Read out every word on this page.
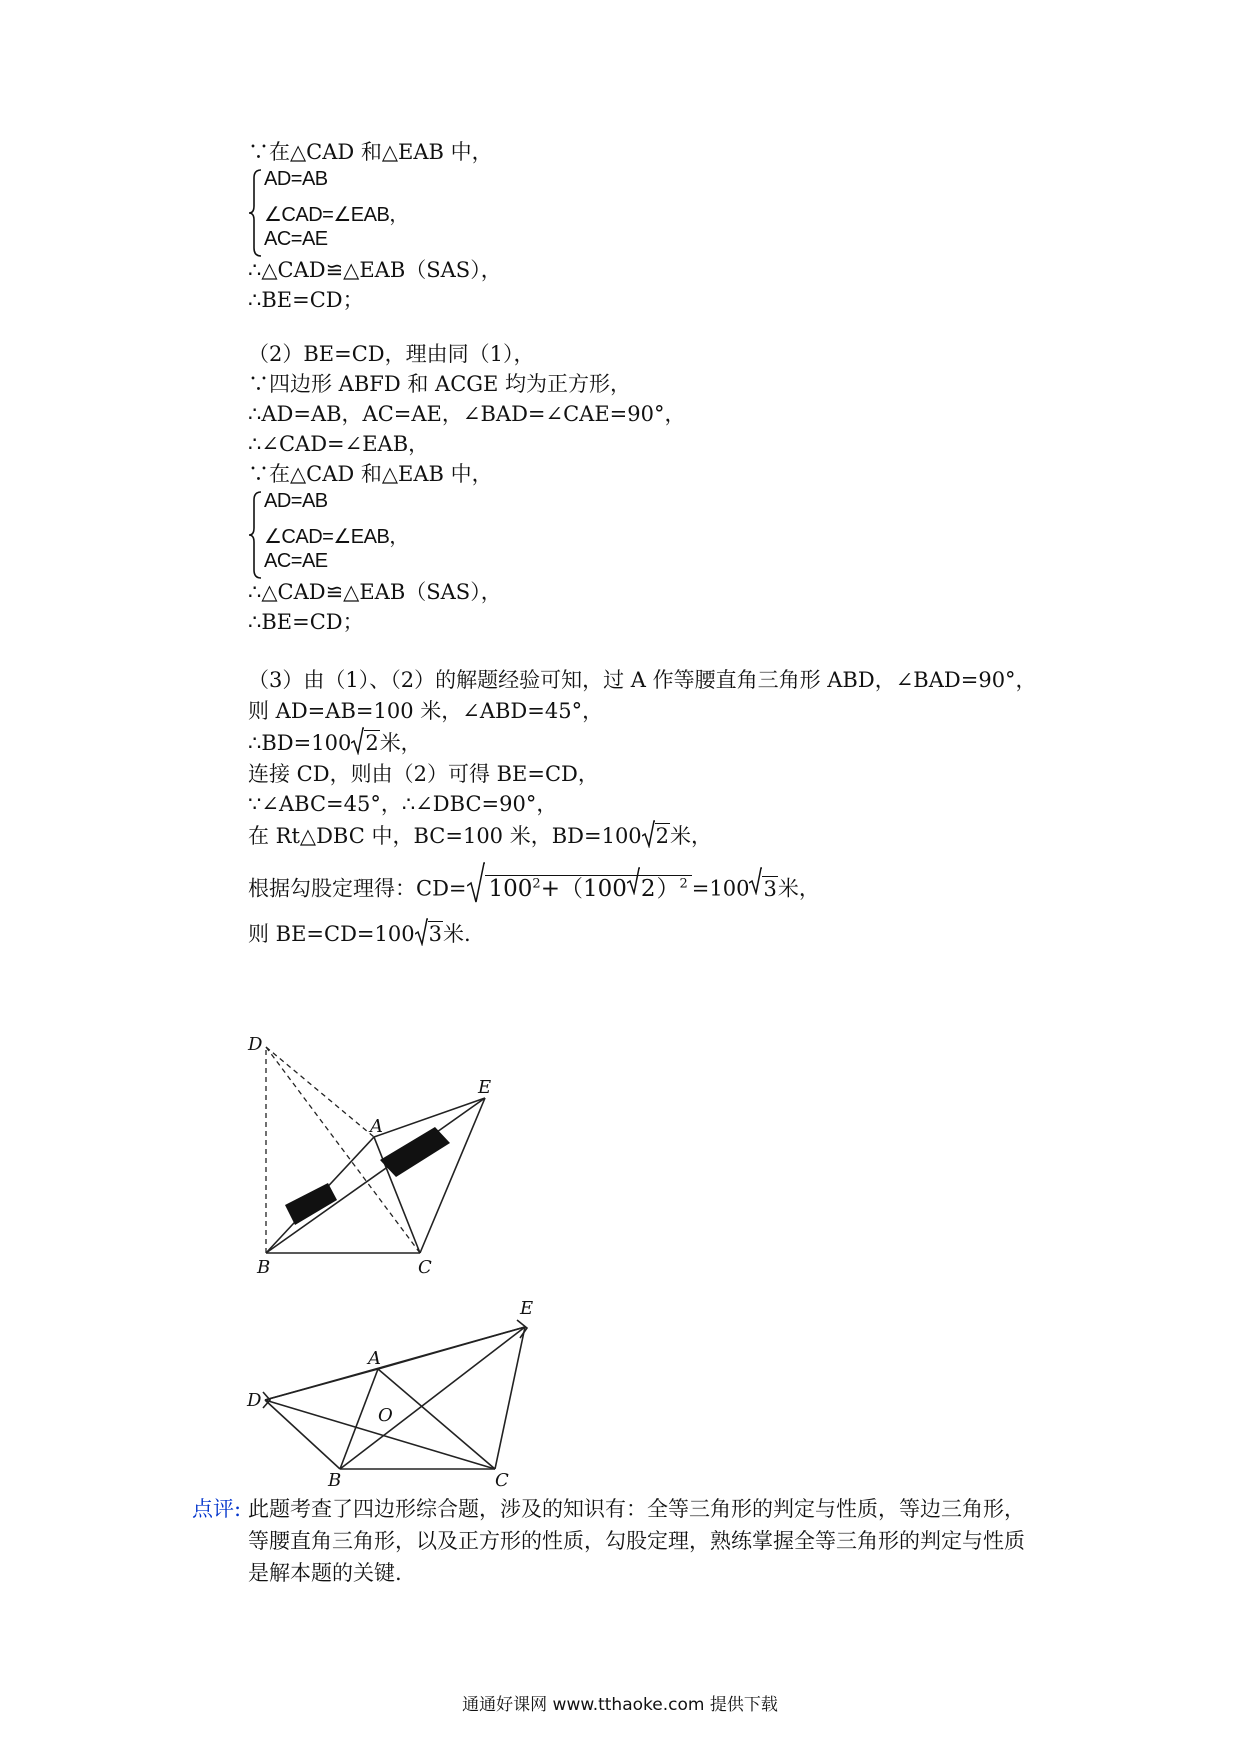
∵在△CAD 和△EAB 中，
AD=AB
∠CAD=∠EAB，
AC=AE
∴△CAD≌△EAB（SAS），
∴BE=CD；
（2）BE=CD，理由同（1），
∵四边形 ABFD 和 ACGE 均为正方形，
∴AD=AB，AC=AE，∠BAD=∠CAE=90°，
∴∠CAD=∠EAB，
∵在△CAD 和△EAB 中，
AD=AB
∠CAD=∠EAB，
AC=AE
∴△CAD≌△EAB（SAS），
∴BE=CD；
（3）由（1）、（2）的解题经验可知，过 A 作等腰直角三角形 ABD，∠BAD=90°，
则 AD=AB=100 米，∠ABD=45°，
∴BD=100 2米，
连接 CD，则由（2）可得 BE=CD，
∵∠ABC=45°，∴∠DBC=90°，
在 Rt△DBC 中，BC=100 米，BD=100 2米，
根据勾股定理得：$CD= 100^2+(100$ 2）$^2$ =100 3米，
则 BE=CD=100 3米.
D
E
A
B	C
E
A
D
O
B	C
点评: 此题考查了四边形综合题，涉及的知识有：全等三角形的判定与性质，等边三角形，
等腰直角三角形，以及正方形的性质，勾股定理，熟练掌握全等三角形的判定与性质
是解本题的关键.
通通好课网 www.tthaoke.com 提供下载
